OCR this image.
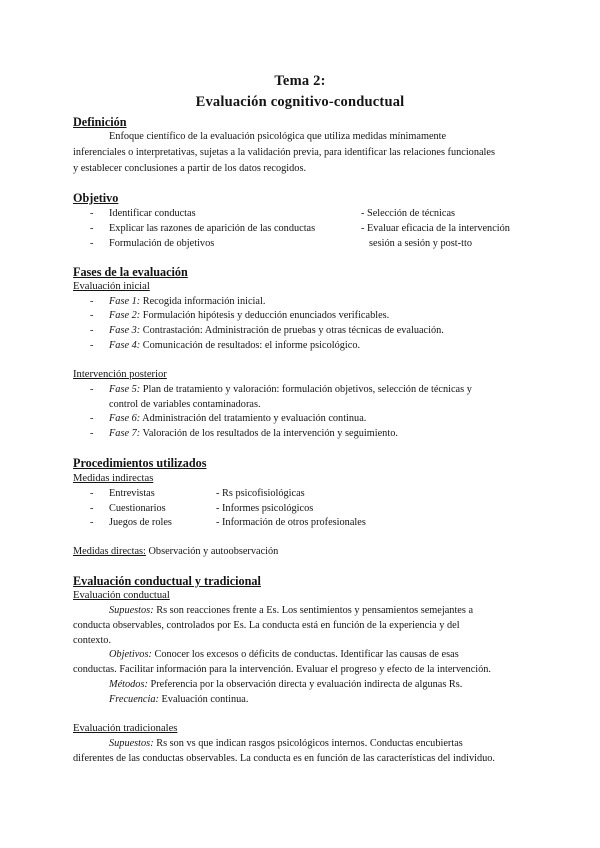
Tema 2:
Evaluación cognitivo-conductual
Definición
Enfoque científico de la evaluación psicológica que utiliza medidas mínimamente
inferenciales o interpretativas, sujetas a la validación previa, para identificar las relaciones funcionales
y establecer conclusiones a partir de los datos recogidos.
Objetivo
- Identificar conductas	- Selección de técnicas
- Explicar las razones de aparición de las conductas	- Evaluar eficacia de la intervención
- Formulación de objetivos	sesión a sesión y post-tto
Fases de la evaluación
Evaluación inicial
- Fase 1: Recogida información inicial.
- Fase 2: Formulación hipótesis y deducción enunciados verificables.
- Fase 3: Contrastación: Administración de pruebas y otras técnicas de evaluación.
- Fase 4: Comunicación de resultados: el informe psicológico.
Intervención posterior
- Fase 5: Plan de tratamiento y valoración: formulación objetivos, selección de técnicas y
control de variables contaminadoras.
- Fase 6: Administración del tratamiento y evaluación continua.
- Fase 7: Valoración de los resultados de la intervención y seguimiento.
Procedimientos utilizados
Medidas indirectas
- Entrevistas	- Rs psicofisiológicas
- Cuestionarios	- Informes psicológicos
- Juegos de roles	- Información de otros profesionales
Medidas directas: Observación y autoobservación
Evaluación conductual y tradicional
Evaluación conductual
Supuestos: Rs son reacciones frente a Es. Los sentimientos y pensamientos semejantes a
conducta observables, controlados por Es. La conducta está en función de la experiencia y del
contexto.
Objetivos: Conocer los excesos o déficits de conductas. Identificar las causas de esas
conductas. Facilitar información para la intervención. Evaluar el progreso y efecto de la intervención.
Métodos: Preferencia por la observación directa y evaluación indirecta de algunas Rs.
Frecuencia: Evaluación continua.
Evaluación tradicionales
Supuestos: Rs son vs que indican rasgos psicológicos internos. Conductas encubiertas
diferentes de las conductas observables. La conducta es en función de las características del individuo.
